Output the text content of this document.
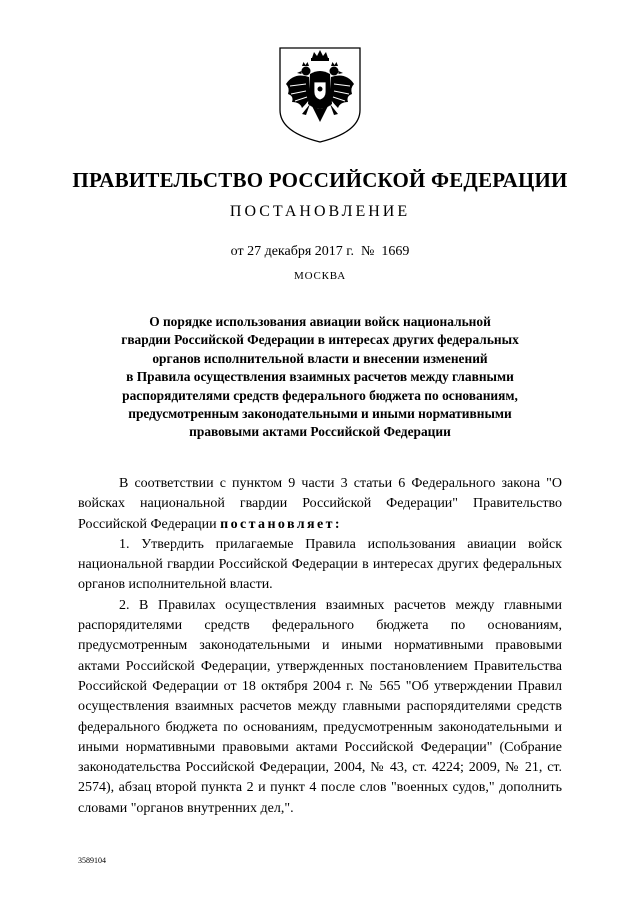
ПРАВИТЕЛЬСТВО РОССИЙСКОЙ ФЕДЕРАЦИИ
ПОСТАНОВЛЕНИЕ
от 27 декабря 2017 г. № 1669
МОСКВА
О порядке использования авиации войск национальной
гвардии Российской Федерации в интересах других федеральных
органов исполнительной власти и внесении изменений
в Правила осуществления взаимных расчетов между главными
распорядителями средств федерального бюджета по основаниям,
предусмотренным законодательными и иными нормативными
правовыми актами Российской Федерации

В соответствии с пунктом 9 части 3 статьи 6 Федерального закона "О войсках национальной гвардии Российской Федерации" Правительство Российской Федерации постановляет:

1. Утвердить прилагаемые Правила использования авиации войск национальной гвардии Российской Федерации в интересах других федеральных органов исполнительной власти.

2. В Правилах осуществления взаимных расчетов между главными распорядителями средств федерального бюджета по основаниям, предусмотренным законодательными и иными нормативными правовыми актами Российской Федерации, утвержденных постановлением Правительства Российской Федерации от 18 октября 2004 г. № 565 "Об утверждении Правил осуществления взаимных расчетов между главными распорядителями средств федерального бюджета по основаниям, предусмотренным законодательными и иными нормативными правовыми актами Российской Федерации" (Собрание законодательства Российской Федерации, 2004, № 43, ст. 4224; 2009, № 21, ст. 2574), абзац второй пункта 2 и пункт 4 после слов "военных судов," дополнить словами "органов внутренних дел,".

3589104
